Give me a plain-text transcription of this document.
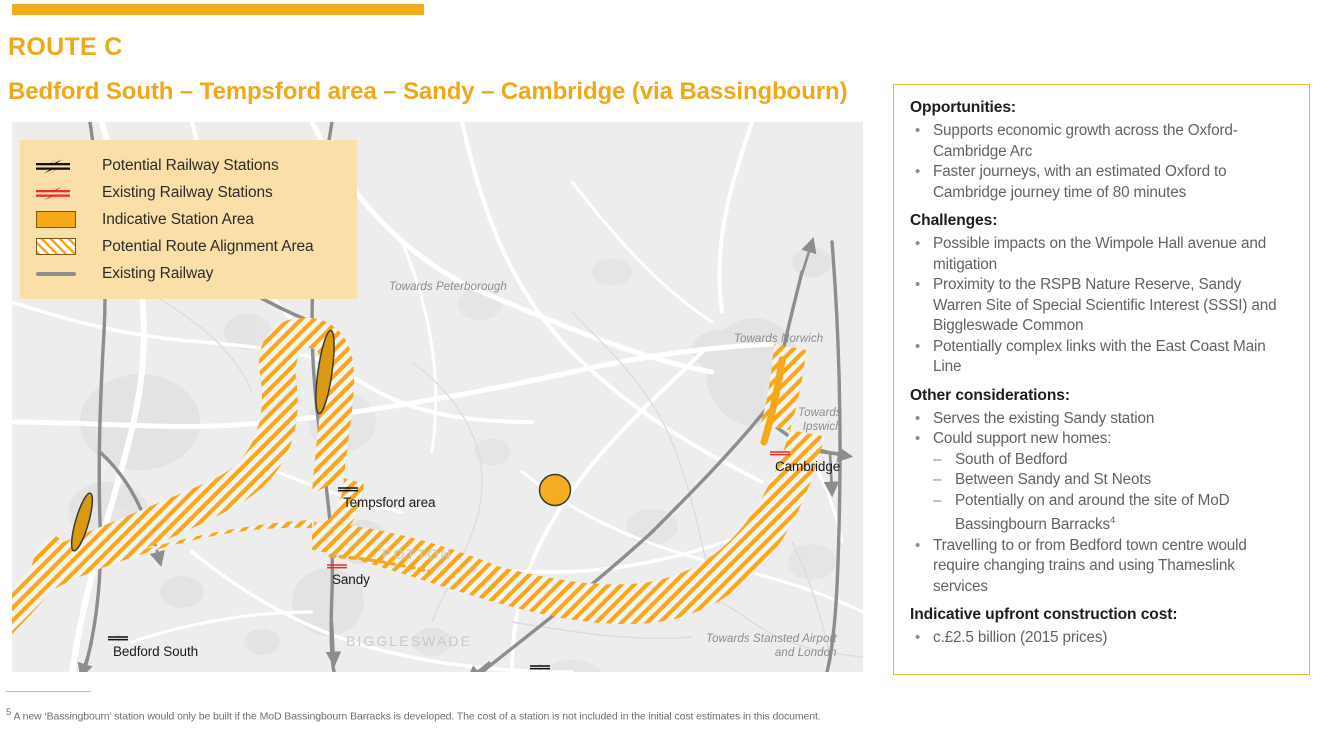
ROUTE C
Bedford South – Tempsford area – Sandy – Cambridge (via Bassingbourn)
Potential Railway Stations
Existing Railway Stations
Indicative Station Area
Potential Route Alignment Area
Existing Railway
Tempsford area
Sandy
Bedford South
Cambridge
POTTON
BIGGLESWADE
Towards Peterborough
Towards Norwich
Towards
Ipswich
Towards Stansted Airport
and London
Opportunities:
• Supports economic growth across the Oxford-Cambridge Arc
• Faster journeys, with an estimated Oxford to Cambridge journey time of 80 minutes
Challenges:
• Possible impacts on the Wimpole Hall avenue and mitigation
• Proximity to the RSPB Nature Reserve, Sandy Warren Site of Special Scientific Interest (SSSI) and Biggleswade Common
• Potentially complex links with the East Coast Main Line
Other considerations:
• Serves the existing Sandy station
• Could support new homes:
– South of Bedford
– Between Sandy and St Neots
– Potentially on and around the site of MoD Bassingbourn Barracks$^4$
• Travelling to or from Bedford town centre would require changing trains and using Thameslink services
Indicative upfront construction cost:
• c.£2.5 billion (2015 prices)
$^5$ A new ‘Bassingbourn’ station would only be built if the MoD Bassingbourn Barracks is developed. The cost of a station is not included in the initial cost estimates in this document.
